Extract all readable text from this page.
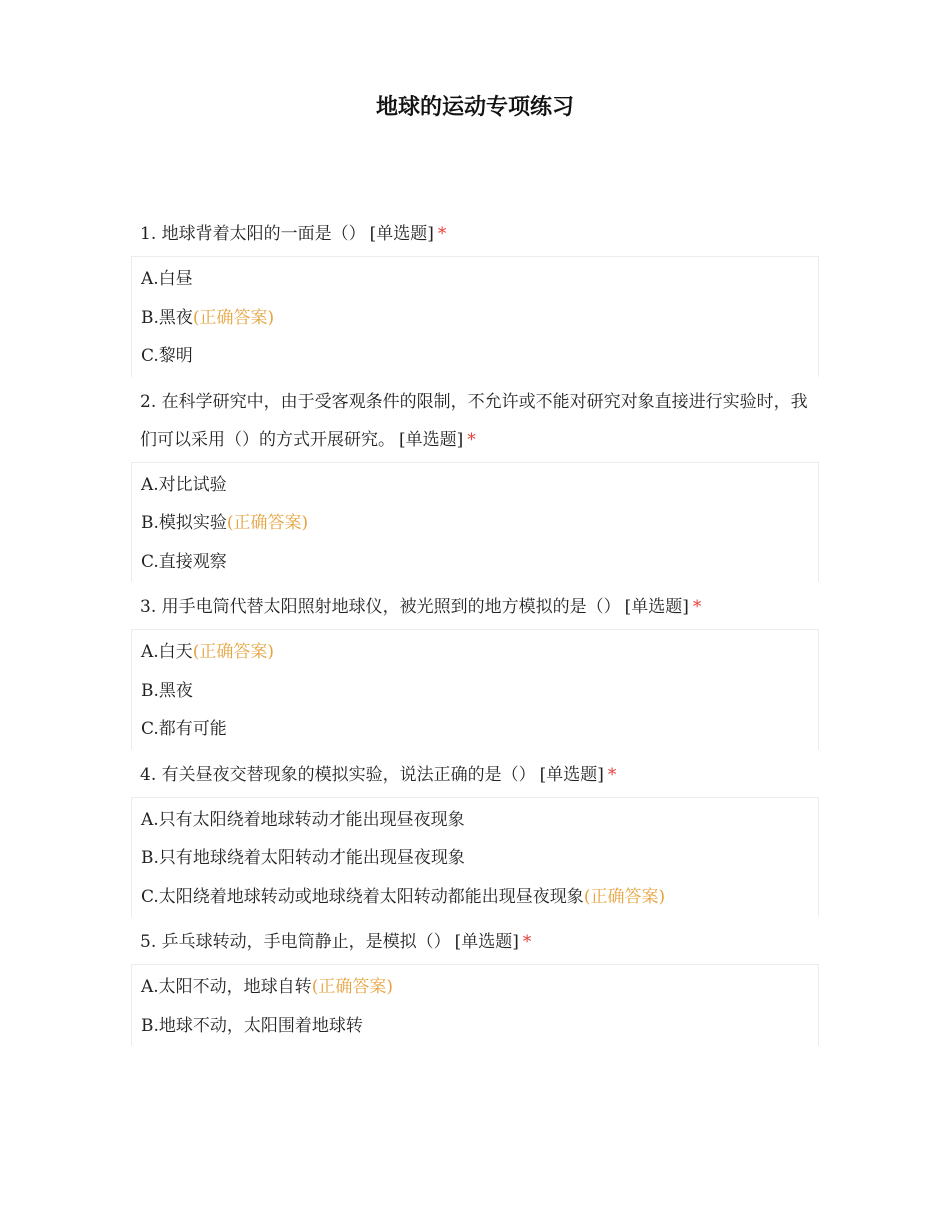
地球的运动专项练习
1. 地球背着太阳的一面是（） [单选题] *
A.白昼
B.黑夜(正确答案)
C.黎明
2. 在科学研究中，由于受客观条件的限制，不允许或不能对研究对象直接进行实验时，我们可以采用（）的方式开展研究。 [单选题] *
A.对比试验
B.模拟实验(正确答案)
C.直接观察
3. 用手电筒代替太阳照射地球仪，被光照到的地方模拟的是（） [单选题] *
A.白天(正确答案)
B.黑夜
C.都有可能
4. 有关昼夜交替现象的模拟实验，说法正确的是（） [单选题] *
A.只有太阳绕着地球转动才能出现昼夜现象
B.只有地球绕着太阳转动才能出现昼夜现象
C.太阳绕着地球转动或地球绕着太阳转动都能出现昼夜现象(正确答案)
5. 乒乓球转动，手电筒静止，是模拟（） [单选题] *
A.太阳不动，地球自转(正确答案)
B.地球不动，太阳围着地球转
